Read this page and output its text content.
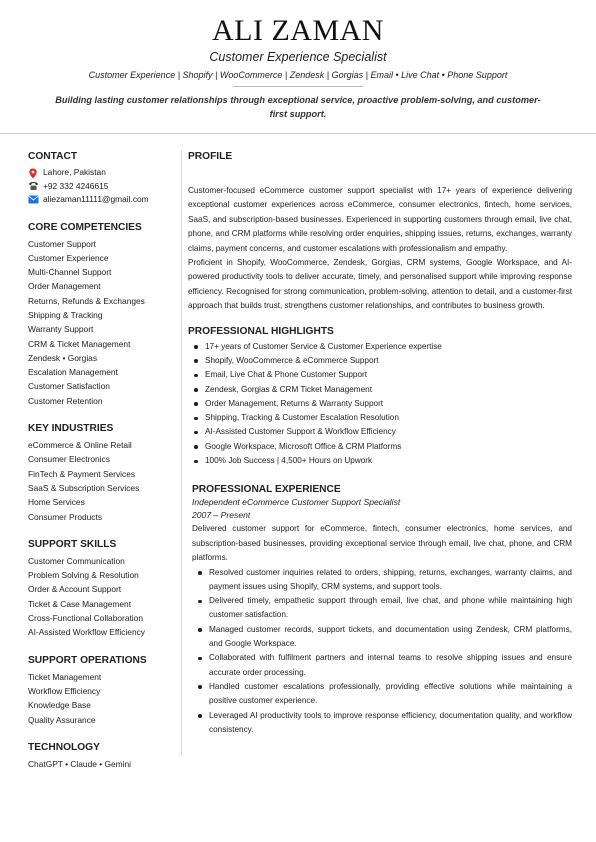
ALI ZAMAN
Customer Experience Specialist
Customer Experience | Shopify | WooCommerce | Zendesk | Gorgias | Email • Live Chat • Phone Support
Building lasting customer relationships through exceptional service, proactive problem-solving, and customer-first support.
CONTACT
Lahore, Pakistan
+92 332 4246615
aliezaman11111@gmail.com
CORE COMPETENCIES
Customer Support
Customer Experience
Multi-Channel Support
Order Management
Returns, Refunds & Exchanges
Shipping & Tracking
Warranty Support
CRM & Ticket Management
Zendesk • Gorgias
Escalation Management
Customer Satisfaction
Customer Retention
KEY INDUSTRIES
eCommerce & Online Retail
Consumer Electronics
FinTech & Payment Services
SaaS & Subscription Services
Home Services
Consumer Products
SUPPORT SKILLS
Customer Communication
Problem Solving & Resolution
Order & Account Support
Ticket & Case Management
Cross-Functional Collaboration
AI-Assisted Workflow Efficiency
SUPPORT OPERATIONS
Ticket Management
Workflow Efficiency
Knowledge Base
Quality Assurance
TECHNOLOGY
ChatGPT • Claude • Gemini
PROFILE

Customer-focused eCommerce customer support specialist with 17+ years of experience delivering exceptional customer experiences across eCommerce, consumer electronics, fintech, home services, SaaS, and subscription-based businesses. Experienced in supporting customers through email, live chat, phone, and CRM platforms while resolving order enquiries, shipping issues, returns, exchanges, warranty claims, payment concerns, and customer escalations with professionalism and empathy.

Proficient in Shopify, WooCommerce, Zendesk, Gorgias, CRM systems, Google Workspace, and AI-powered productivity tools to deliver accurate, timely, and personalised support while improving response efficiency. Recognised for strong communication, problem-solving, attention to detail, and a customer-first approach that builds trust, strengthens customer relationships, and contributes to business growth.

PROFESSIONAL HIGHLIGHTS
17+ years of Customer Service & Customer Experience expertise
Shopify, WooCommerce & eCommerce Support
Email, Live Chat & Phone Customer Support
Zendesk, Gorgias & CRM Ticket Management
Order Management, Returns & Warranty Support
Shipping, Tracking & Customer Escalation Resolution
AI-Assisted Customer Support & Workflow Efficiency
Google Workspace, Microsoft Office & CRM Platforms
100% Job Success | 4,500+ Hours on Upwork
PROFESSIONAL EXPERIENCE
Independent eCommerce Customer Support Specialist
2007 – Present

Delivered customer support for eCommerce, fintech, consumer electronics, home services, and subscription-based businesses, providing exceptional service through email, live chat, phone, and CRM platforms.

Resolved customer inquiries related to orders, shipping, returns, exchanges, warranty claims, and payment issues using Shopify, CRM systems, and support tools.
Delivered timely, empathetic support through email, live chat, and phone while maintaining high customer satisfaction.
Managed customer records, support tickets, and documentation using Zendesk, CRM platforms, and Google Workspace.
Collaborated with fulfilment partners and internal teams to resolve shipping issues and ensure accurate order processing.
Handled customer escalations professionally, providing effective solutions while maintaining a positive customer experience.
Leveraged AI productivity tools to improve response efficiency, documentation quality, and workflow consistency.
